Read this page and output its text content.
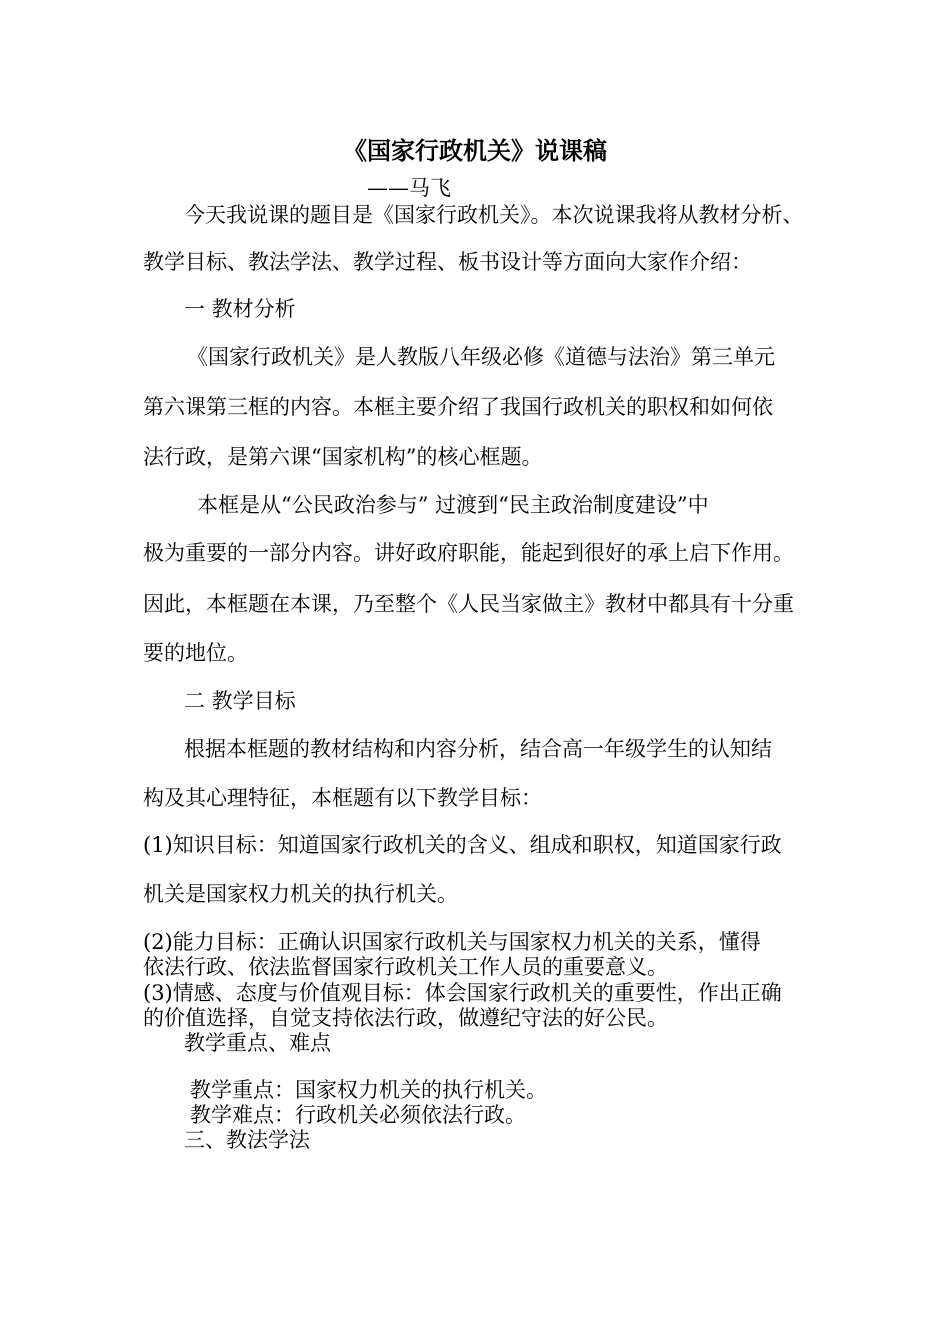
《国家行政机关》说课稿

——马飞

今天我说课的题目是《国家行政机关》。本次说课我将从教材分析、

教学目标、教法学法、教学过程、板书设计等方面向大家作介绍：

一 教材分析

《国家行政机关》是人教版八年级必修《道德与法治》第三单元

第六课第三框的内容。本框主要介绍了我国行政机关的职权和如何依

法行政，是第六课“国家机构”的核心框题。

本框是从“公民政治参与” 过渡到“民主政治制度建设”中

极为重要的一部分内容。讲好政府职能，能起到很好的承上启下作用。

因此，本框题在本课，乃至整个《人民当家做主》教材中都具有十分重

要的地位。

二 教学目标

根据本框题的教材结构和内容分析，结合高一年级学生的认知结

构及其心理特征，本框题有以下教学目标：

(1)知识目标：知道国家行政机关的含义、组成和职权，知道国家行政

机关是国家权力机关的执行机关。

(2)能力目标：正确认识国家行政机关与国家权力机关的关系，懂得

依法行政、依法监督国家行政机关工作人员的重要意义。

(3)情感、态度与价值观目标：体会国家行政机关的重要性，作出正确

的价值选择，自觉支持依法行政，做遵纪守法的好公民。

教学重点、难点

教学重点：国家权力机关的执行机关。

教学难点：行政机关必须依法行政。

三、教法学法
